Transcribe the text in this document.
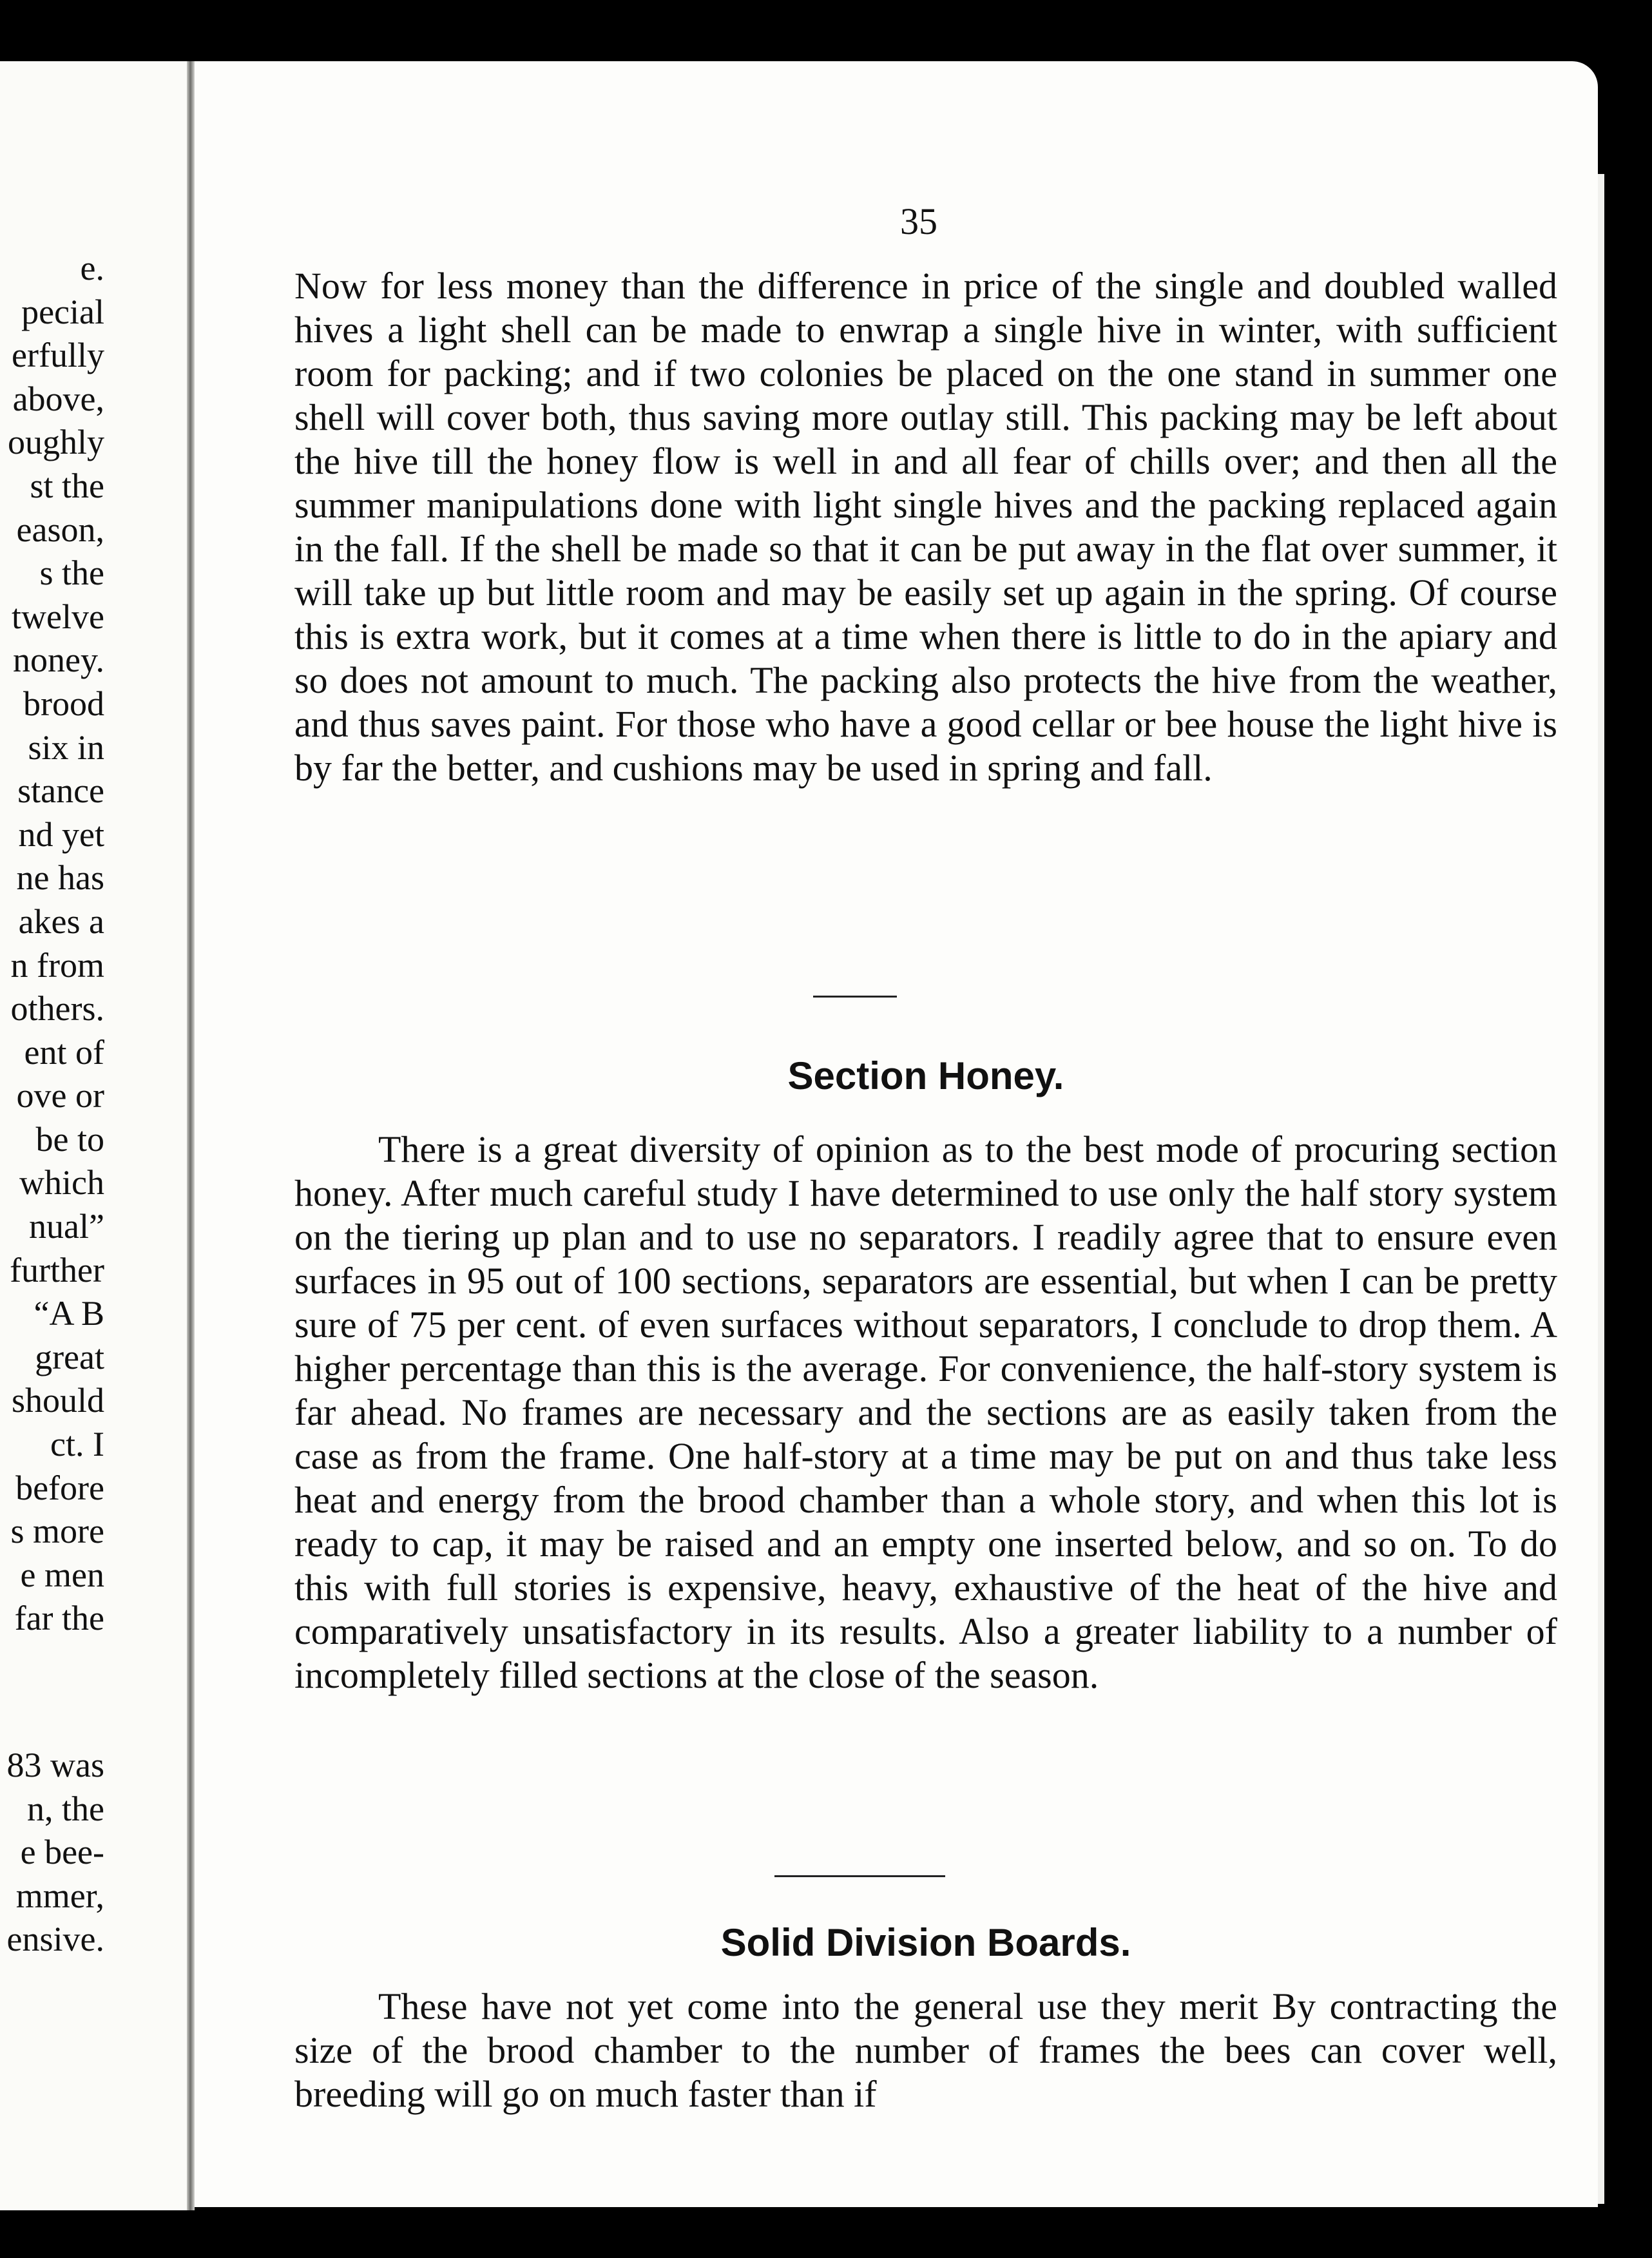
e.
pecial
erfully
above,
oughly
st the
eason,
s the
twelve
noney.
brood
six in
stance
nd yet
ne has
akes a
n from
others.
ent of
ove or
be to
which
nual”
further
“A B
great
should
ct. I
before
s more
e men
far the
83 was
n, the
e bee-
mmer,
ensive.
35

Now for less money than the difference in price of the single and doubled walled hives a light shell can be made to enwrap a single hive in winter, with sufficient room for packing; and if two colonies be placed on the one stand in summer one shell will cover both, thus saving more outlay still. This packing may be left about the hive till the honey flow is well in and all fear of chills over; and then all the summer manipulations done with light single hives and the packing replaced again in the fall. If the shell be made so that it can be put away in the flat over summer, it will take up but little room and may be easily set up again in the spring. Of course this is extra work, but it comes at a time when there is little to do in the apiary and so does not amount to much. The packing also protects the hive from the weather, and thus saves paint. For those who have a good cellar or bee house the light hive is by far the better, and cushions may be used in spring and fall.

Section Honey.

There is a great diversity of opinion as to the best mode of procuring section honey. After much careful study I have determined to use only the half story system on the tiering up plan and to use no separators. I readily agree that to ensure even surfaces in 95 out of 100 sections, separators are essential, but when I can be pretty sure of 75 per cent. of even surfaces without separators, I conclude to drop them. A higher percentage than this is the average. For convenience, the half-story system is far ahead. No frames are necessary and the sections are as easily taken from the case as from the frame. One half-story at a time may be put on and thus take less heat and energy from the brood chamber than a whole story, and when this lot is ready to cap, it may be raised and an empty one inserted below, and so on. To do this with full stories is expensive, heavy, exhaustive of the heat of the hive and comparatively unsatisfactory in its results. Also a greater liability to a number of incompletely filled sections at the close of the season.

Solid Division Boards.

These have not yet come into the general use they merit By contracting the size of the brood chamber to the number of frames the bees can cover well, breeding will go on much faster than if
